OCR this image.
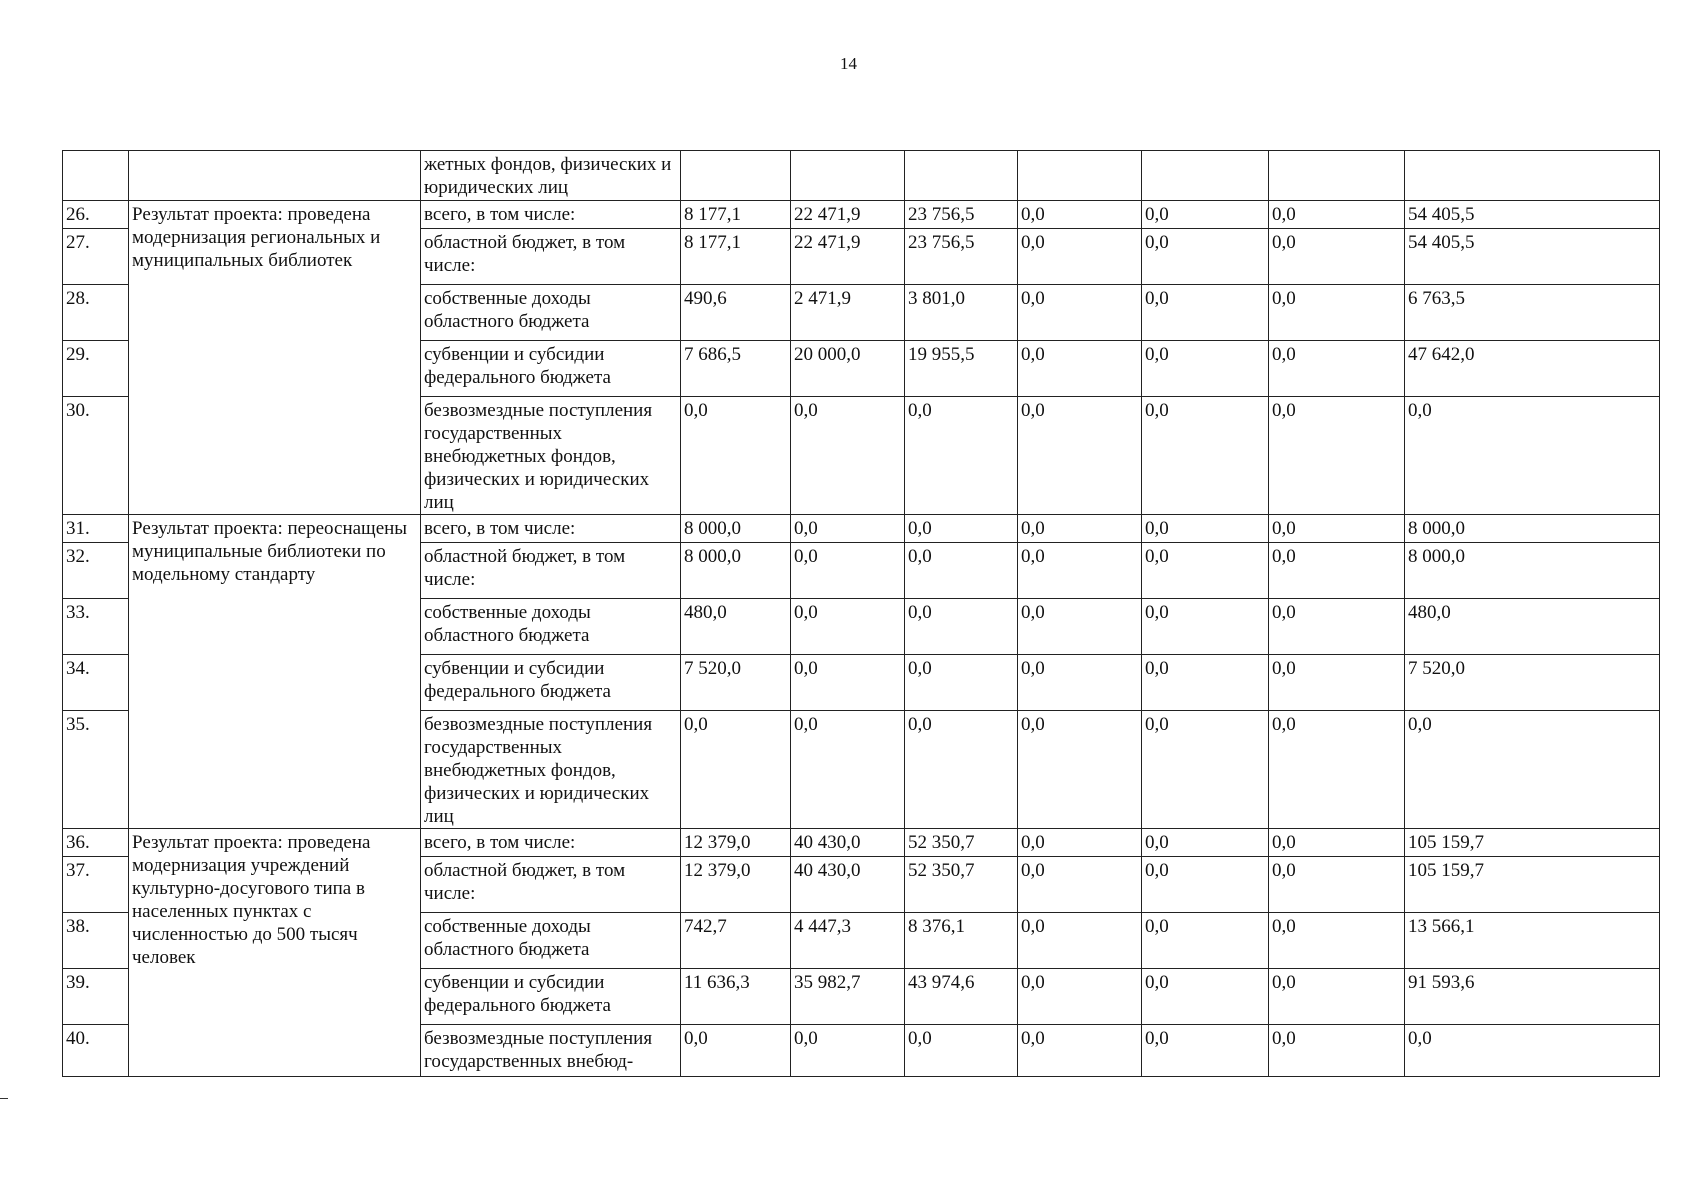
14
		жетных фондов, физических и юридических лиц							
26.	Результат проекта: проведена модернизация региональных и муниципальных библиотек	всего, в том числе:	8 177,1	22 471,9	23 756,5	0,0	0,0	0,0	54 405,5
27.		областной бюджет, в том числе:	8 177,1	22 471,9	23 756,5	0,0	0,0	0,0	54 405,5
28.		собственные доходы областного бюджета	490,6	2 471,9	3 801,0	0,0	0,0	0,0	6 763,5
29.		субвенции и субсидии федерального бюджета	7 686,5	20 000,0	19 955,5	0,0	0,0	0,0	47 642,0
30.		безвозмездные поступления государственных внебюджетных фондов, физических и юридических лиц	0,0	0,0	0,0	0,0	0,0	0,0	0,0
31.	Результат проекта: переоснащены муниципальные библиотеки по модельному стандарту	всего, в том числе:	8 000,0	0,0	0,0	0,0	0,0	0,0	8 000,0
32.		областной бюджет, в том числе:	8 000,0	0,0	0,0	0,0	0,0	0,0	8 000,0
33.		собственные доходы областного бюджета	480,0	0,0	0,0	0,0	0,0	0,0	480,0
34.		субвенции и субсидии федерального бюджета	7 520,0	0,0	0,0	0,0	0,0	0,0	7 520,0
35.		безвозмездные поступления государственных внебюджетных фондов, физических и юридических лиц	0,0	0,0	0,0	0,0	0,0	0,0	0,0
36.	Результат проекта: проведена модернизация учреждений культурно-досугового типа в населенных пунктах с численностью до 500 тысяч человек	всего, в том числе:	12 379,0	40 430,0	52 350,7	0,0	0,0	0,0	105 159,7
37.		областной бюджет, в том числе:	12 379,0	40 430,0	52 350,7	0,0	0,0	0,0	105 159,7
38.		собственные доходы областного бюджета	742,7	4 447,3	8 376,1	0,0	0,0	0,0	13 566,1
39.		субвенции и субсидии федерального бюджета	11 636,3	35 982,7	43 974,6	0,0	0,0	0,0	91 593,6
40.		безвозмездные поступления государственных внебюд-	0,0	0,0	0,0	0,0	0,0	0,0	0,0
